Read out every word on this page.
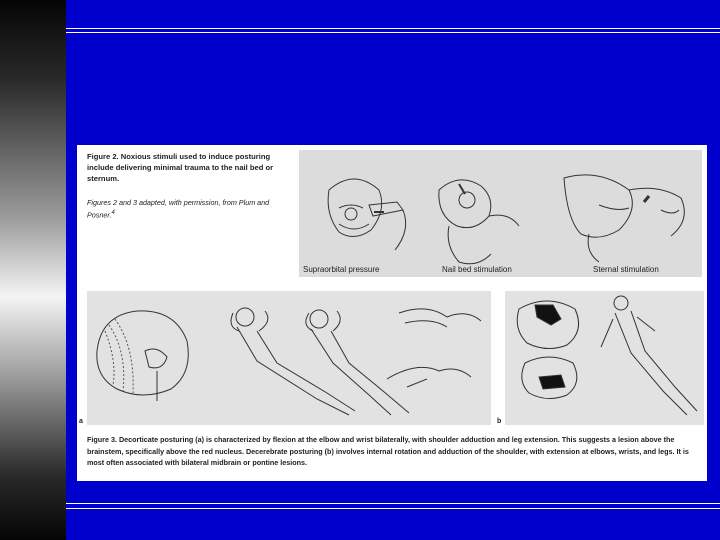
Figure 2. Noxious stimuli used to induce posturing include delivering minimal trauma to the nail bed or sternum.
Figures 2 and 3 adapted, with permission, from Plum and Posner.$^4$
Supraorbital pressure	Nail bed stimulation	Sternal stimulation
a	b
Figure 3. Decorticate posturing (a) is characterized by flexion at the elbow and wrist bilaterally, with shoulder adduction and leg extension. This suggests a lesion above the brainstem, specifically above the red nucleus. Decerebrate posturing (b) involves internal rotation and adduction of the shoulder, with extension at elbows, wrists, and legs. It is most often associated with bilateral midbrain or pontine lesions.
